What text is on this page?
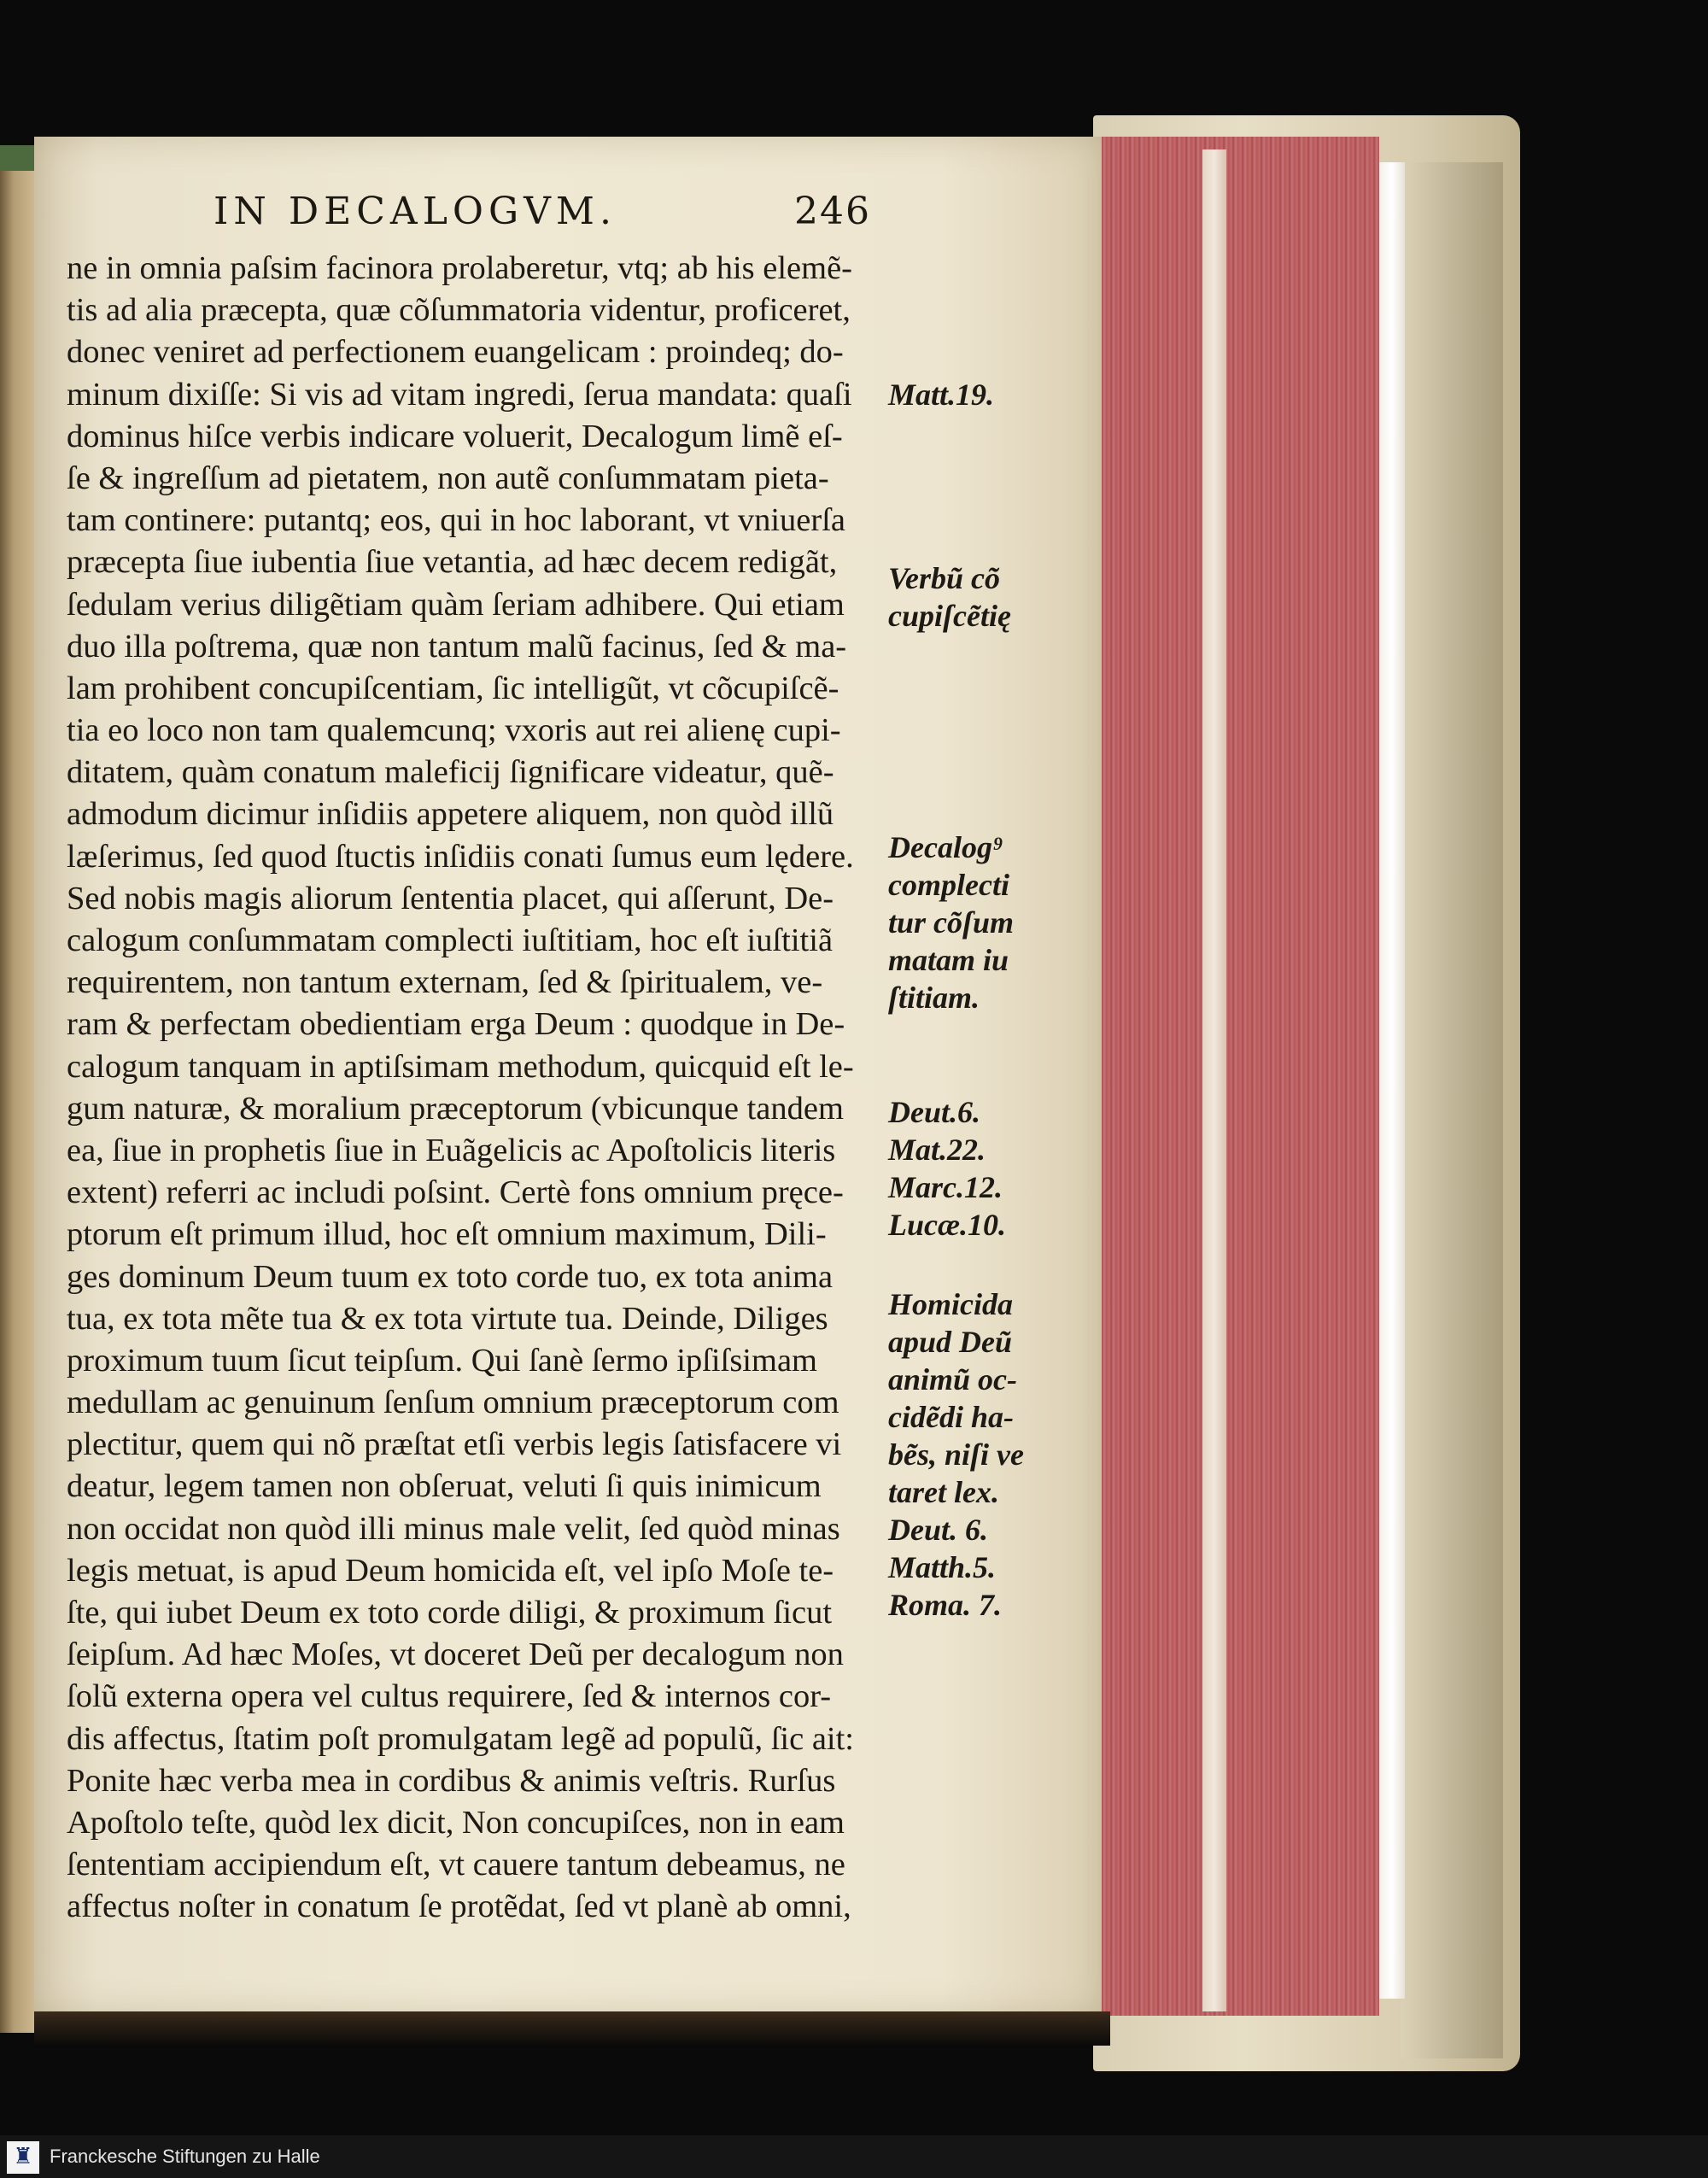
IN DECALOGVM.	246
ne in omnia paſsim facinora prolaberetur, vtq; ab his elemẽ-
tis ad alia præcepta, quæ cõſummatoria videntur, proficeret,
donec veniret ad perfectionem euangelicam : proindeq; do-
minum dixiſſe: Si vis ad vitam ingredi, ſerua mandata: quaſi
dominus hiſce verbis indicare voluerit, Decalogum limẽ eſ-
ſe & ingreſſum ad pietatem, non autẽ conſummatam pieta-
tam continere: putantq; eos, qui in hoc laborant, vt vniuerſa
præcepta ſiue iubentia ſiue vetantia, ad hæc decem redigãt,
ſedulam verius diligẽtiam quàm ſeriam adhibere. Qui etiam
duo illa poſtrema, quæ non tantum malũ facinus, ſed & ma-
lam prohibent concupiſcentiam, ſic intelligũt, vt cõcupiſcẽ-
tia eo loco non tam qualemcunq; vxoris aut rei alienę cupi-
ditatem, quàm conatum maleficij ſignificare videatur, quẽ-
admodum dicimur inſidiis appetere aliquem, non quòd illũ
læſerimus, ſed quod ſtuctis inſidiis conati ſumus eum lędere.
Sed nobis magis aliorum ſententia placet, qui aſſerunt, De-
calogum conſummatam complecti iuſtitiam, hoc eſt iuſtitiã
requirentem, non tantum externam, ſed & ſpiritualem, ve-
ram & perfectam obedientiam erga Deum : quodque in De-
calogum tanquam in aptiſsimam methodum, quicquid eſt le-
gum naturæ, & moralium præceptorum (vbicunque tandem
ea, ſiue in prophetis ſiue in Euãgelicis ac Apoſtolicis literis
extent) referri ac includi poſsint. Certè fons omnium pręce-
ptorum eſt primum illud, hoc eſt omnium maximum, Dili-
ges dominum Deum tuum ex toto corde tuo, ex tota anima
tua, ex tota mẽte tua & ex tota virtute tua. Deinde, Diliges
proximum tuum ſicut teipſum. Qui ſanè ſermo ipſiſsimam
medullam ac genuinum ſenſum omnium præceptorum com
plectitur, quem qui nõ præſtat etſi verbis legis ſatisfacere vi
deatur, legem tamen non obſeruat, veluti ſi quis inimicum
non occidat non quòd illi minus male velit, ſed quòd minas
legis metuat, is apud Deum homicida eſt, vel ipſo Moſe te-
ſte, qui iubet Deum ex toto corde diligi, & proximum ſicut
ſeipſum. Ad hæc Moſes, vt doceret Deũ per decalogum non
ſolũ externa opera vel cultus requirere, ſed & internos cor-
dis affectus, ſtatim poſt promulgatam legẽ ad populũ, ſic ait:
Ponite hæc verba mea in cordibus & animis veſtris. Rurſus
Apoſtolo teſte, quòd lex dicit, Non concupiſces, non in eam
ſententiam accipiendum eſt, vt cauere tantum debeamus, ne
affectus noſter in conatum ſe protẽdat, ſed vt planè ab omni,
Matt.19.
Verbũ cõ
cupiſcẽtię
Decalog⁹
complecti
tur cõſum
matam iu
ſtitiam.
Deut.6.
Mat.22.
Marc.12.
Lucæ.10.
Homicida
apud Deũ
animũ oc-
cidẽdi ha-
bẽs, niſi ve
taret lex.
Deut. 6.
Matth.5.
Roma. 7.
♜ Franckesche Stiftungen zu Halle
